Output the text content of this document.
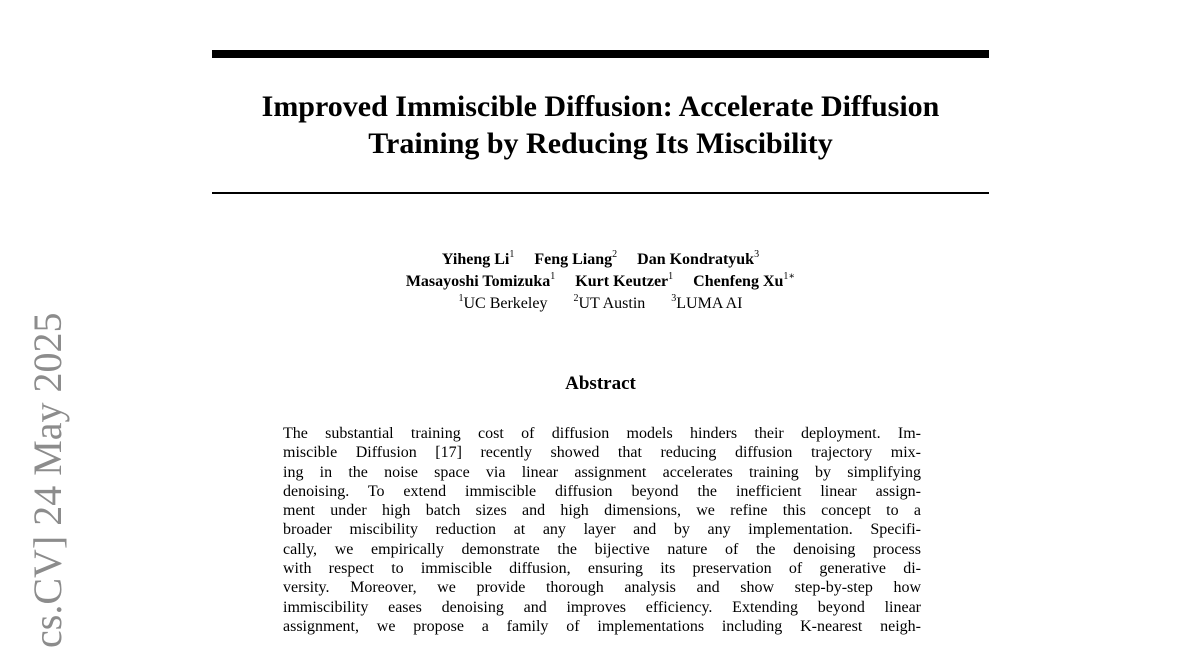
Improved Immiscible Diffusion: Accelerate Diffusion
Training by Reducing Its Miscibility
Yiheng Li$^1$ Feng Liang$^2$ Dan Kondratyuk$^3$
Masayoshi Tomizuka$^1$ Kurt Keutzer$^1$ Chenfeng $Xu^{1∗}$
$^1$UC Berkeley	$^2$UT Austin	$^3$LUMA AI
Abstract
The substantial training cost of diffusion models hinders their deployment. Im-
miscible Diffusion [17] recently showed that reducing diffusion trajectory mix-
ing in the noise space via linear assignment accelerates training by simplifying
denoising. To extend immiscible diffusion beyond the inefficient linear assign-
ment under high batch sizes and high dimensions, we refine this concept to a
broader miscibility reduction at any layer and by any implementation. Specifi-
cally, we empirically demonstrate the bijective nature of the denoising process
with respect to immiscible diffusion, ensuring its preservation of generative di-
versity. Moreover, we provide thorough analysis and show step-by-step how
immiscibility eases denoising and improves efficiency. Extending beyond linear
assignment, we propose a family of implementations including K-nearest neigh-
cs.CV] 24 May 2025
